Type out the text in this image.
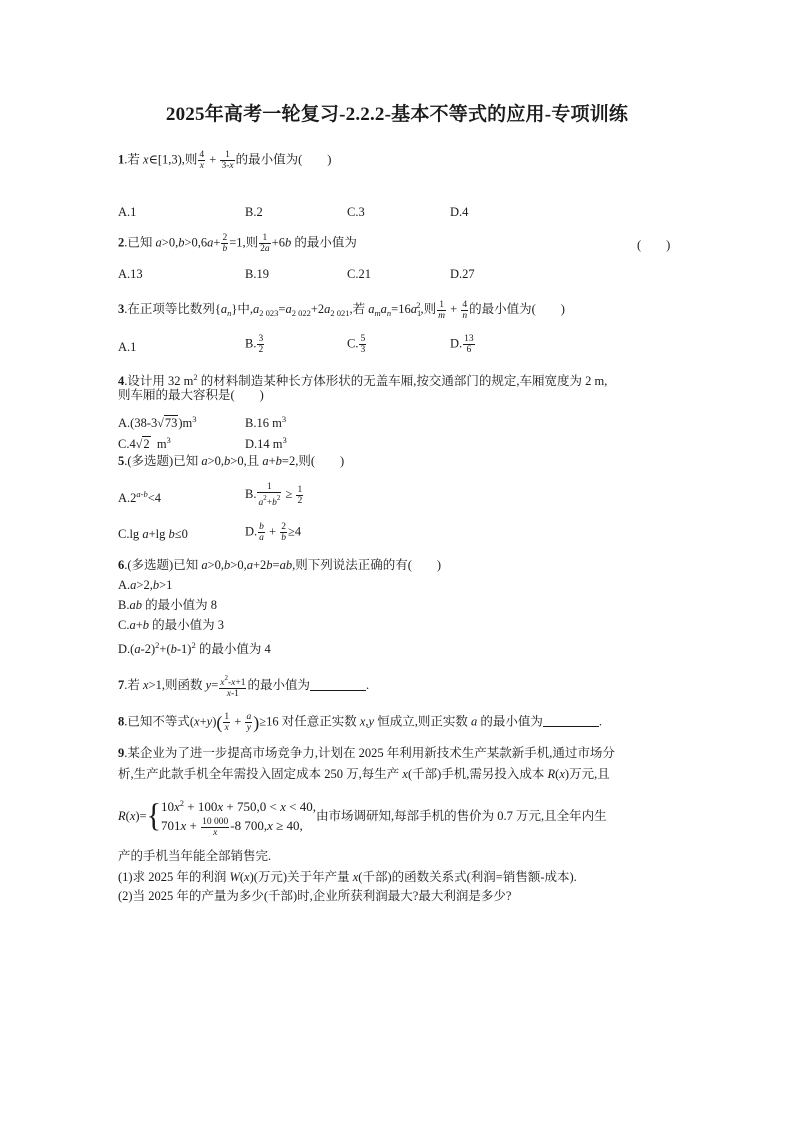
2025年高考一轮复习-2.2.2-基本不等式的应用-专项训练
1.若 x∈[1,3),则 $\frac{4}{x} + \frac{1}{3-x}$ 的最小值为(　　)
A.1	B.2	C.3	D.4
2.已知 $a>0,b>0,6a+ \frac{2}{b} =1$,则 $\frac{1}{2a} +6b$ 的最小值为	(　　)
A.13	B.19	C.21	D.27
3.在正项等比数列$\{a_n\}$中$,a_{2 023}=a_{2 022}+2a_{2 021}$,若 $a_ma_n=16a_1^2$,则 $\frac{1}{m} + \frac{4}{n}$ 的最小值为(　　)
A.1	B. $\frac{3}{2}$	C. $\frac{5}{3}$	D. $\frac{13}{6}$
4.设计用 32 $m^2$ 的材料制造某种长方体形状的无盖车厢,按交通部门的规定,车厢宽度为 2 m,
则车厢的最大容积是(　　)
$A.(38-3√73)m^3$	B.16 $m^3$
C.4√2  $m^3$	D.14 $m^3$
5.(多选题)已知 a>0,b>0,且 a+b=2,则(　　)
$A.2^{a-b}<4$	B. $\frac{1}{a^2+b^2} \ge \frac{1}{2}$
C.lg a+lg b≤0	D. $\frac{b}{a} + \frac{2}{b} \ge 4$
6.(多选题)已知 a>0,b>0,a+2b=ab,则下列说法正确的有(　　)
A.a>2,b>1
B.ab 的最小值为 8
C.a+b 的最小值为 3
$D.(a-2)^2+(b-1)^2$ 的最小值为 4
7.若 x>1,则函数 $y= \frac{x^2-x+1}{x-1}$ 的最小值为	.
8.已知不等式$(x+y)( \frac{1}{x} + \frac{a}{y} )\ge 16$ 对任意正实数 x,y 恒成立,则正实数 a 的最小值为	.
9.某企业为了进一步提高市场竞争力,计划在 2025 年利用新技术生产某款新手机,通过市场分
析,生产此款手机全年需投入固定成本 250 万,每生产 x(千部)手机,需另投入成本 R(x)万元,且
R(x)={ $10x^2 + 100x + 750,0 < x < 40$,
$701x + \frac{10 000}{x} -8$ 700,x ≥ 40,
由市场调研知,每部手机的售价为 0.7 万元,且全年内生
产的手机当年能全部销售完.
(1)求 2025 年的利润 W(x)(万元)关于年产量 x(千部)的函数关系式(利润=销售额-成本).
(2)当 2025 年的产量为多少(千部)时,企业所获利润最大?最大利润是多少?
